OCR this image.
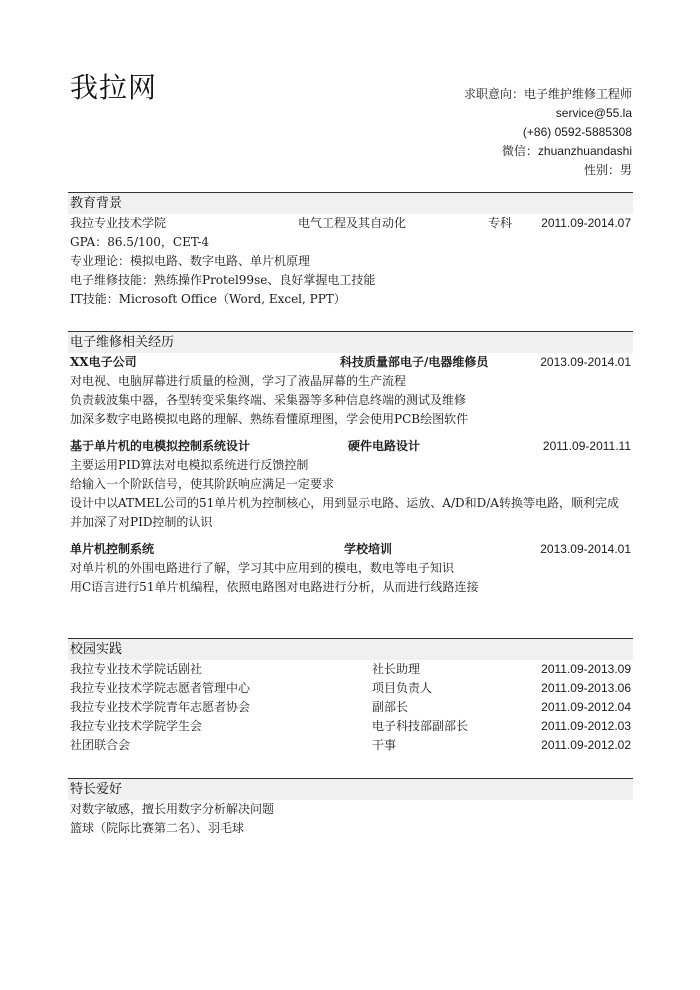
我拉网	求职意向：电子维护维修工程师
service@55.la
(+86) 0592-5885308
微信：zhuanzhuandashi
性别：男
教育背景
我拉专业技术学院	电气工程及其自动化	专科 2011.09-2014.07
GPA：86.5/100，CET-4
专业理论：模拟电路、数字电路、单片机原理
电子维修技能：熟练操作Protel99se、良好掌握电工技能
IT技能：Microsoft Office（Word, Excel, PPT）
电子维修相关经历
XX电子公司	科技质量部电子/电器维修员	2013.09-2014.01
对电视、电脑屏幕进行质量的检测，学习了液晶屏幕的生产流程
负责载波集中器，各型转变采集终端、采集器等多种信息终端的测试及维修
加深多数字电路模拟电路的理解、熟练看懂原理图，学会使用PCB绘图软件
基于单片机的电模拟控制系统设计	硬件电路设计	2011.09-2011.11
主要运用PID算法对电模拟系统进行反馈控制
给输入一个阶跃信号，使其阶跃响应满足一定要求
设计中以ATMEL公司的51单片机为控制核心，用到显示电路、运放、A/D和D/A转换等电路，顺利完成并加深了对PID控制的认识
单片机控制系统	学校培训	2013.09-2014.01
对单片机的外围电路进行了解，学习其中应用到的模电，数电等电子知识
用C语言进行51单片机编程，依照电路图对电路进行分析，从而进行线路连接
校园实践
我拉专业技术学院话剧社	社长助理	2011.09-2013.09
我拉专业技术学院志愿者管理中心	项目负责人	2011.09-2013.06
我拉专业技术学院青年志愿者协会	副部长	2011.09-2012.04
我拉专业技术学院学生会	电子科技部副部长	2011.09-2012.03
社团联合会	干事	2011.09-2012.02
特长爱好
对数字敏感，擅长用数字分析解决问题
篮球（院际比赛第二名）、羽毛球
